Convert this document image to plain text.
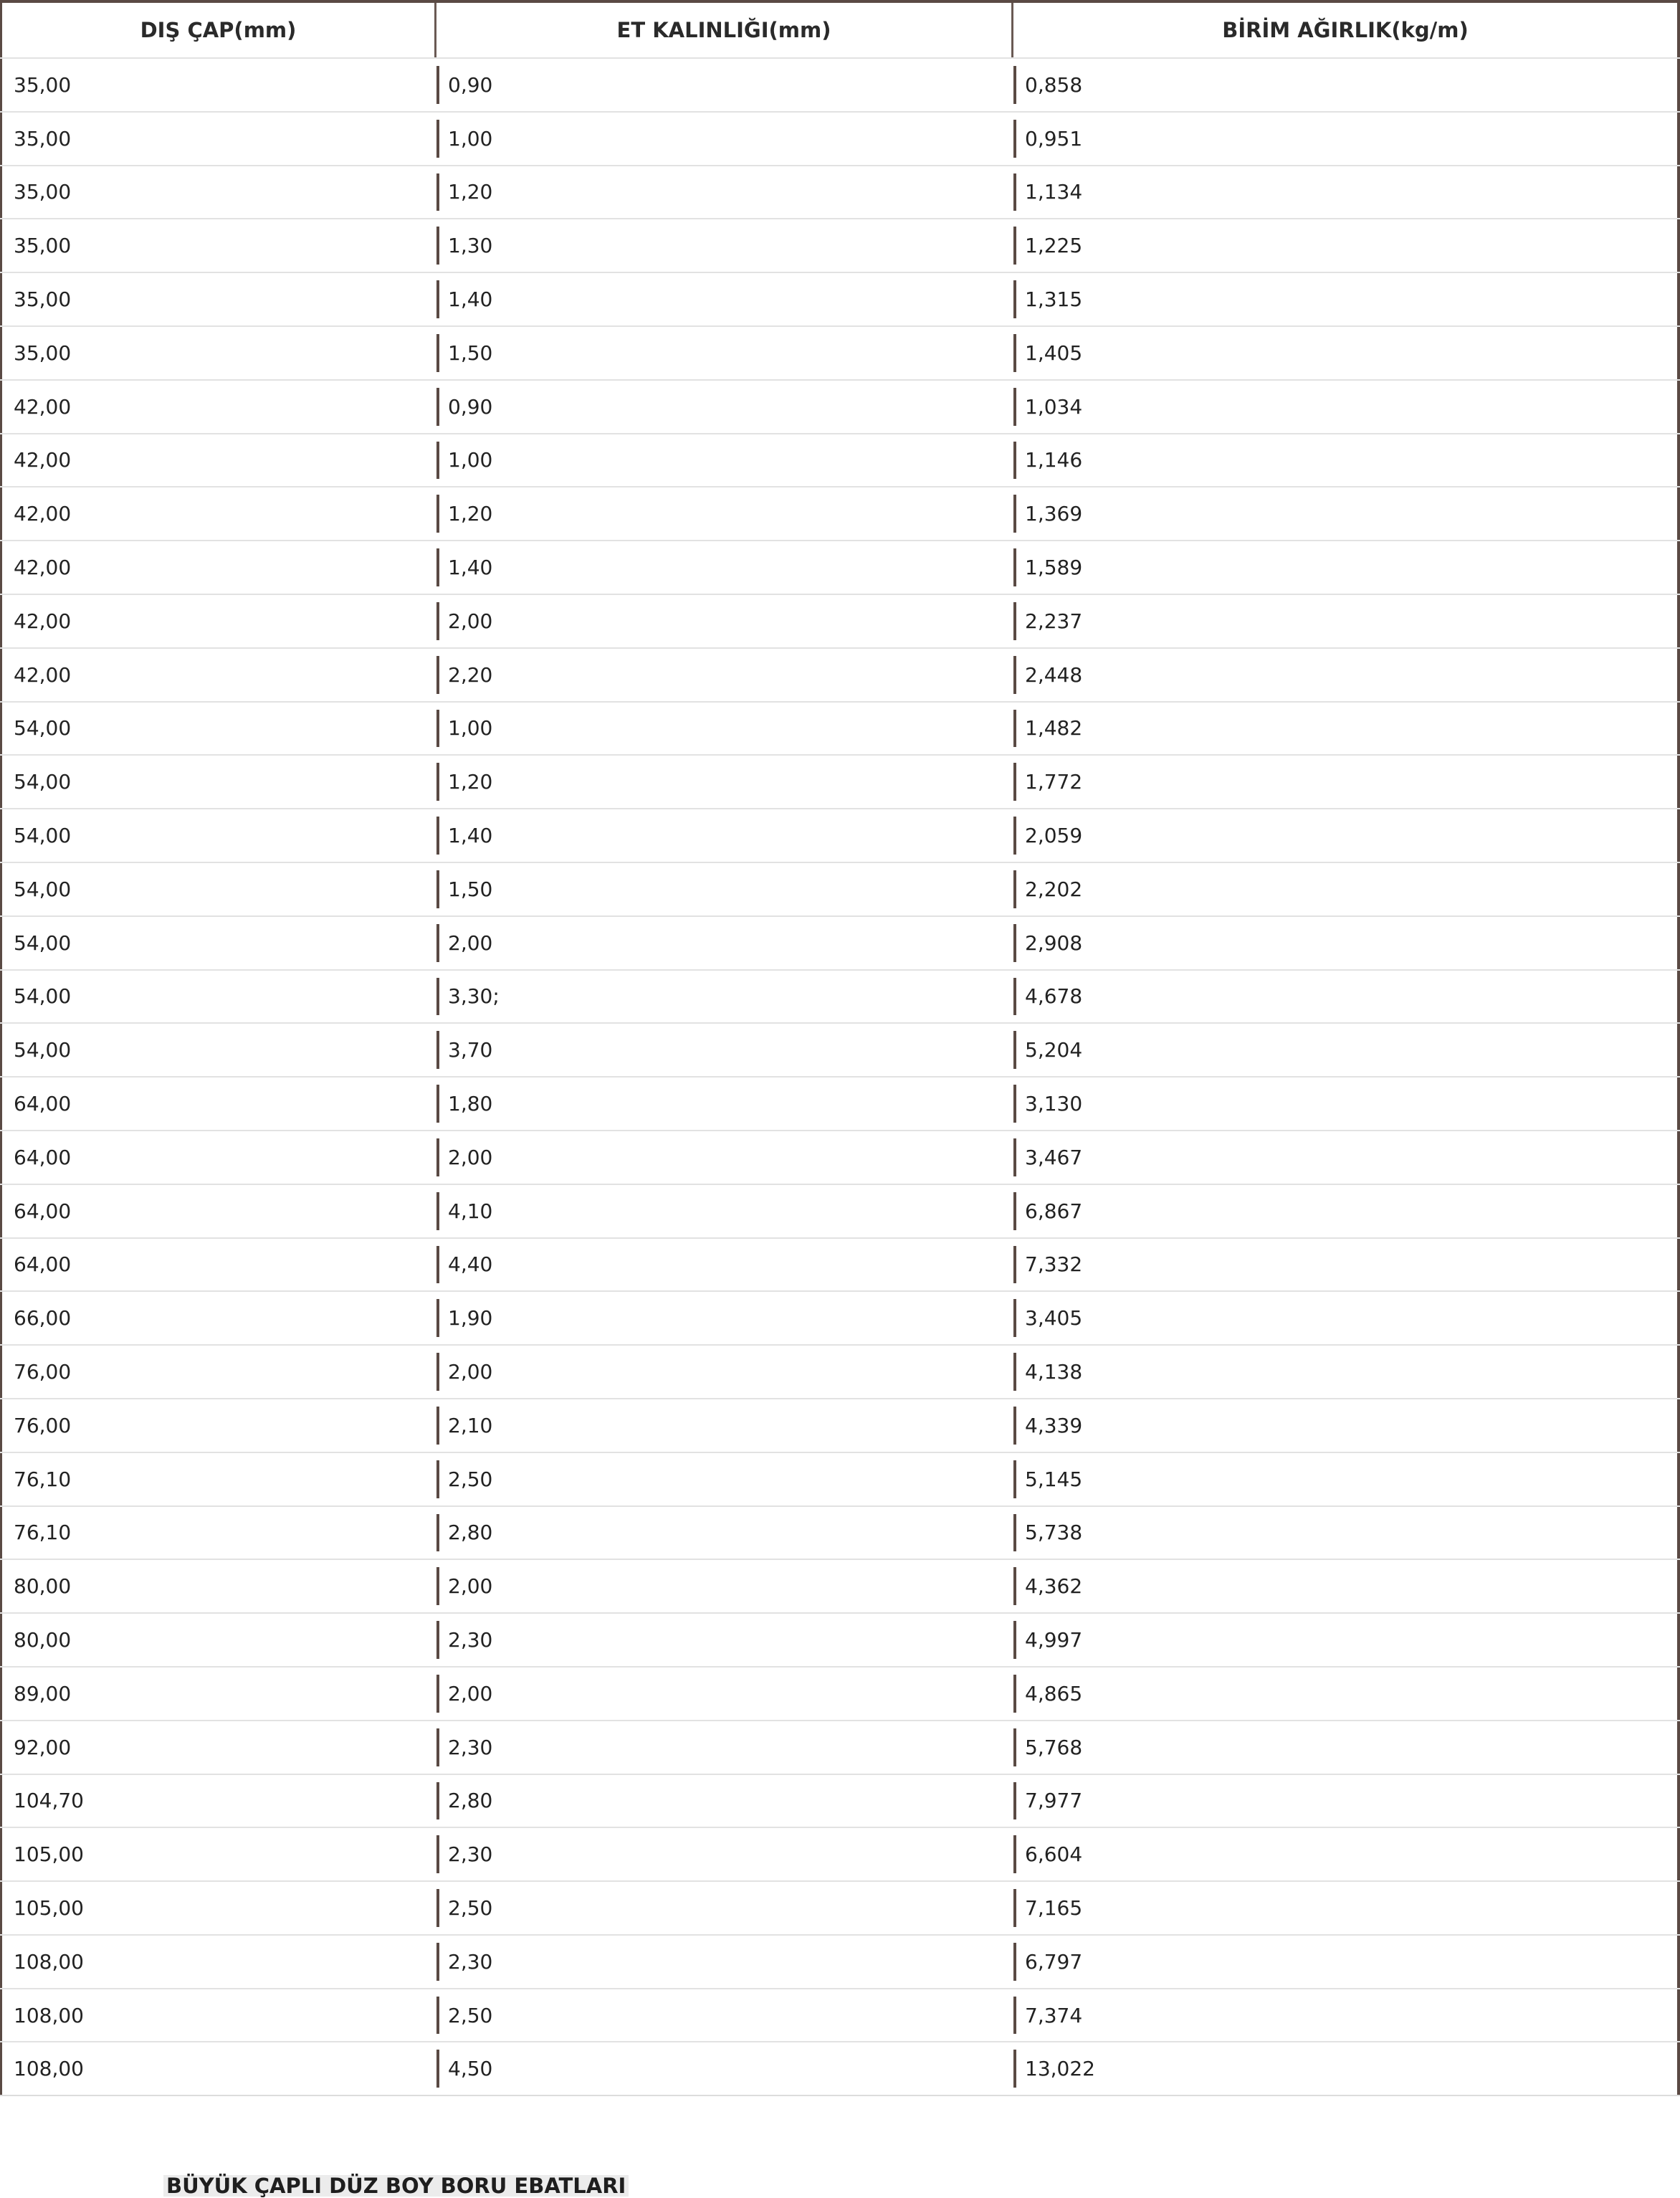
DIŞ ÇAP(mm)	ET KALINLIĞI(mm)	BİRİM AĞIRLIK(kg/m)
35,00	0,90	0,858
35,00	1,00	0,951
35,00	1,20	1,134
35,00	1,30	1,225
35,00	1,40	1,315
35,00	1,50	1,405
42,00	0,90	1,034
42,00	1,00	1,146
42,00	1,20	1,369
42,00	1,40	1,589
42,00	2,00	2,237
42,00	2,20	2,448
54,00	1,00	1,482
54,00	1,20	1,772
54,00	1,40	2,059
54,00	1,50	2,202
54,00	2,00	2,908
54,00	3,30;	4,678
54,00	3,70	5,204
64,00	1,80	3,130
64,00	2,00	3,467
64,00	4,10	6,867
64,00	4,40	7,332
66,00	1,90	3,405
76,00	2,00	4,138
76,00	2,10	4,339
76,10	2,50	5,145
76,10	2,80	5,738
80,00	2,00	4,362
80,00	2,30	4,997
89,00	2,00	4,865
92,00	2,30	5,768
104,70	2,80	7,977
105,00	2,30	6,604
105,00	2,50	7,165
108,00	2,30	6,797
108,00	2,50	7,374
108,00	4,50	13,022
BÜYÜK ÇAPLI DÜZ BOY BORU EBATLARI
